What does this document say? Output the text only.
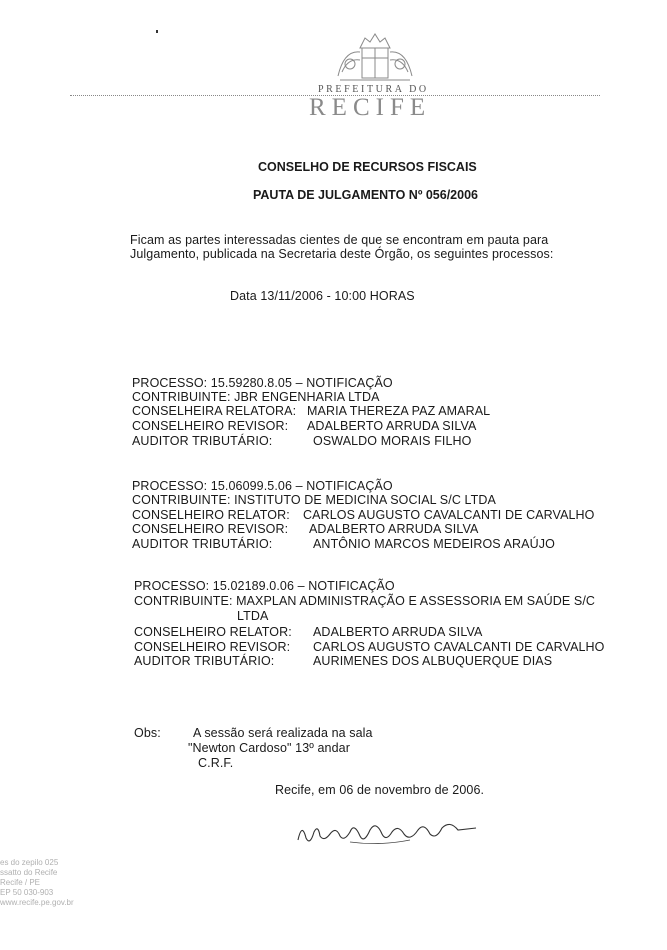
PREFEITURA DO
RECIFE
CONSELHO DE RECURSOS FISCAIS
PAUTA DE JULGAMENTO Nº 056/2006
Ficam as partes interessadas cientes de que se encontram em pauta para
Julgamento, publicada na Secretaria deste Órgão, os seguintes processos:
Data 13/11/2006 - 10:00 HORAS
PROCESSO: 15.59280.8.05 – NOTIFICAÇÃO
CONTRIBUINTE: JBR ENGENHARIA LTDA
CONSELHEIRA RELATORA: MARIA THEREZA PAZ AMARAL
CONSELHEIRO REVISOR: ADALBERTO ARRUDA SILVA
AUDITOR TRIBUTÁRIO:	OSWALDO MORAIS FILHO
PROCESSO: 15.06099.5.06 – NOTIFICAÇÃO
CONTRIBUINTE: INSTITUTO DE MEDICINA SOCIAL S/C LTDA
CONSELHEIRO RELATOR: CARLOS AUGUSTO CAVALCANTI DE CARVALHO
CONSELHEIRO REVISOR: ADALBERTO ARRUDA SILVA
AUDITOR TRIBUTÁRIO:	ANTÔNIO MARCOS MEDEIROS ARAÚJO
PROCESSO: 15.02189.0.06 – NOTIFICAÇÃO
CONTRIBUINTE: MAXPLAN ADMINISTRAÇÃO E ASSESSORIA EM SAÚDE S/C
LTDA
CONSELHEIRO RELATOR: ADALBERTO ARRUDA SILVA
CONSELHEIRO REVISOR: CARLOS AUGUSTO CAVALCANTI DE CARVALHO
AUDITOR TRIBUTÁRIO:	AURIMENES DOS ALBUQUERQUE DIAS
Obs:	A sessão será realizada na sala
"Newton Cardoso" 13º andar
C.R.F.
Recife, em 06 de novembro de 2006.
es do zepilo 025
ssatto do Recife
Recife / PE
EP 50 030-903
www.recife.pe.gov.br
